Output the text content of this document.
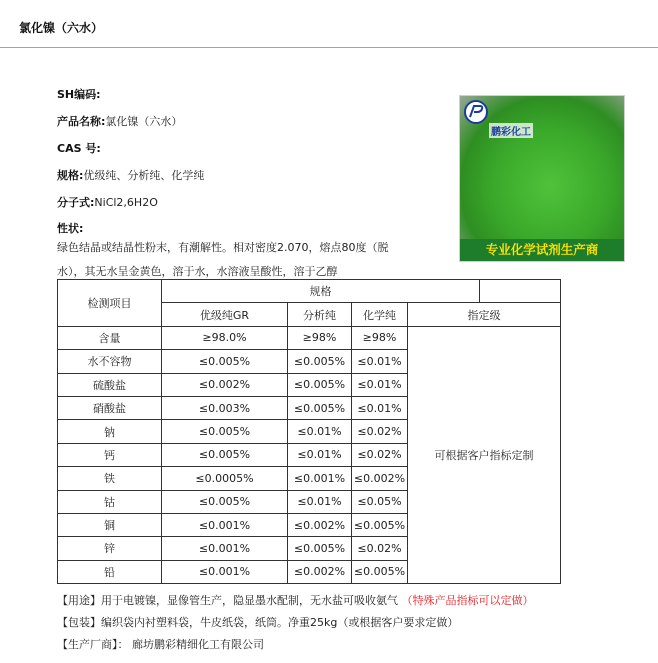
氯化镍（六水）
SH编码:
产品名称:氯化镍（六水）
CAS 号:
规格:优级纯、分析纯、化学纯
分子式:NiCl2,6H2O
性状:
绿色结晶或结晶性粉末，有潮解性。相对密度2.070，熔点80度（脱
水），其无水呈金黄色，溶于水，水溶液呈酸性，溶于乙醇
鹏彩化工
专业化学试剂生产商
检测项目	规格				
	优级纯GR	分析纯	化学纯	指定级	
含量	≥98.0%	≥98%	≥98%	可根据客户指标定制	
水不容物	≤0.005%	≤0.005%	≤0.01%		
硫酸盐	≤0.002%	≤0.005%	≤0.01%		
硝酸盐	≤0.003%	≤0.005%	≤0.01%		
钠	≤0.005%	≤0.01%	≤0.02%		
钙	≤0.005%	≤0.01%	≤0.02%		
铁	≤0.0005%	≤0.001%	≤0.002%		
钴	≤0.005%	≤0.01%	≤0.05%		
铜	≤0.001%	≤0.002%	≤0.005%		
锌	≤0.001%	≤0.005%	≤0.02%		
铅	≤0.001%	≤0.002%	≤0.005%		
【用途】用于电镀镍，显像管生产，隐显墨水配制，无水盐可吸收氨气 （特殊产品指标可以定做）
【包装】编织袋内衬塑料袋，牛皮纸袋，纸筒。净重25kg（或根据客户要求定做）
【生产厂商】： 廊坊鹏彩精细化工有限公司
